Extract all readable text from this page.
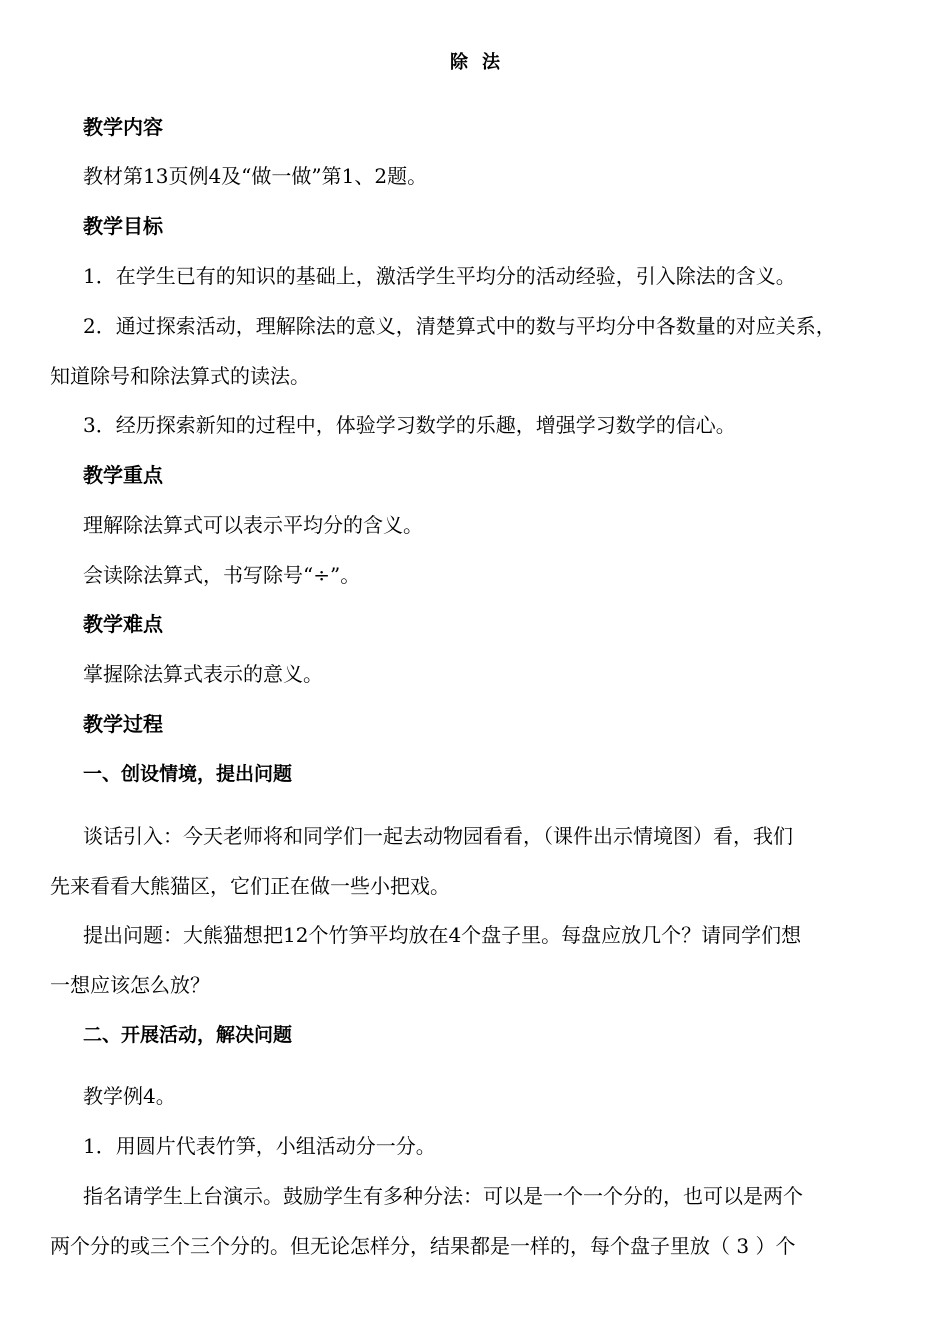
除法
教学内容
教材第13页例4及“做一做”第1、2题。
教学目标
1．在学生已有的知识的基础上，激活学生平均分的活动经验，引入除法的含义。
2．通过探索活动，理解除法的意义，清楚算式中的数与平均分中各数量的对应关系，
知道除号和除法算式的读法。
3．经历探索新知的过程中，体验学习数学的乐趣，增强学习数学的信心。
教学重点
理解除法算式可以表示平均分的含义。
会读除法算式，书写除号“÷”。
教学难点
掌握除法算式表示的意义。
教学过程
一、创设情境，提出问题
谈话引入：今天老师将和同学们一起去动物园看看，（课件出示情境图）看，我们
先来看看大熊猫区，它们正在做一些小把戏。
提出问题：大熊猫想把12个竹笋平均放在4个盘子里。每盘应放几个？请同学们想
一想应该怎么放？
二、开展活动，解决问题
教学例4。
1．用圆片代表竹笋，小组活动分一分。
指名请学生上台演示。鼓励学生有多种分法：可以是一个一个分的，也可以是两个
两个分的或三个三个分的。但无论怎样分，结果都是一样的，每个盘子里放（ 3 ）个
